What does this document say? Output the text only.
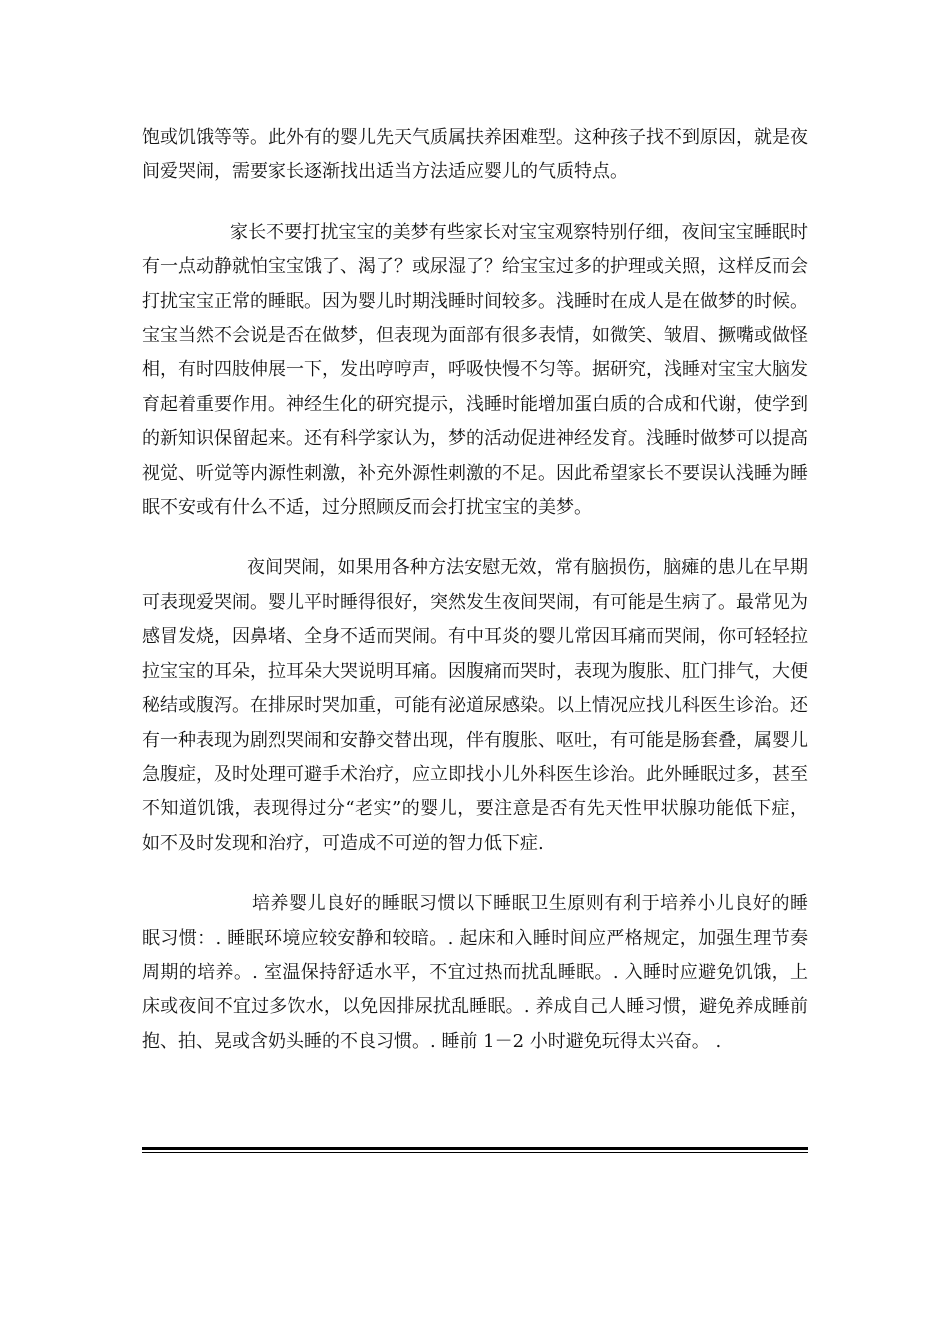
饱或饥饿等等。此外有的婴儿先天气质属扶养困难型。这种孩子找不到原因，就是夜间爱哭闹，需要家长逐渐找出适当方法适应婴儿的气质特点。

家长不要打扰宝宝的美梦有些家长对宝宝观察特别仔细，夜间宝宝睡眠时有一点动静就怕宝宝饿了、渴了？或尿湿了？给宝宝过多的护理或关照，这样反而会打扰宝宝正常的睡眠。因为婴儿时期浅睡时间较多。浅睡时在成人是在做梦的时候。宝宝当然不会说是否在做梦，但表现为面部有很多表情，如微笑、皱眉、撅嘴或做怪相，有时四肢伸展一下，发出哼哼声，呼吸快慢不匀等。据研究，浅睡对宝宝大脑发育起着重要作用。神经生化的研究提示，浅睡时能增加蛋白质的合成和代谢，使学到的新知识保留起来。还有科学家认为，梦的活动促进神经发育。浅睡时做梦可以提高视觉、听觉等内源性刺激，补充外源性刺激的不足。因此希望家长不要误认浅睡为睡眠不安或有什么不适，过分照顾反而会打扰宝宝的美梦。

夜间哭闹，如果用各种方法安慰无效，常有脑损伤，脑瘫的患儿在早期可表现爱哭闹。婴儿平时睡得很好，突然发生夜间哭闹，有可能是生病了。最常见为感冒发烧，因鼻堵、全身不适而哭闹。有中耳炎的婴儿常因耳痛而哭闹，你可轻轻拉拉宝宝的耳朵，拉耳朵大哭说明耳痛。因腹痛而哭时，表现为腹胀、肛门排气，大便秘结或腹泻。在排尿时哭加重，可能有泌道尿感染。以上情况应找儿科医生诊治。还有一种表现为剧烈哭闹和安静交替出现，伴有腹胀、呕吐，有可能是肠套叠，属婴儿急腹症，及时处理可避手术治疗，应立即找小儿外科医生诊治。此外睡眠过多，甚至不知道饥饿，表现得过分“老实”的婴儿，要注意是否有先天性甲状腺功能低下症，如不及时发现和治疗，可造成不可逆的智力低下症.

培养婴儿良好的睡眠习惯以下睡眠卫生原则有利于培养小儿良好的睡眠习惯：. 睡眠环境应较安静和较暗。. 起床和入睡时间应严格规定，加强生理节奏周期的培养。. 室温保持舒适水平，不宜过热而扰乱睡眠。. 入睡时应避免饥饿，上床或夜间不宜过多饮水，以免因排尿扰乱睡眠。. 养成自己人睡习惯，避免养成睡前抱、拍、晃或含奶头睡的不良习惯。. 睡前 1－2 小时避免玩得太兴奋。 .
